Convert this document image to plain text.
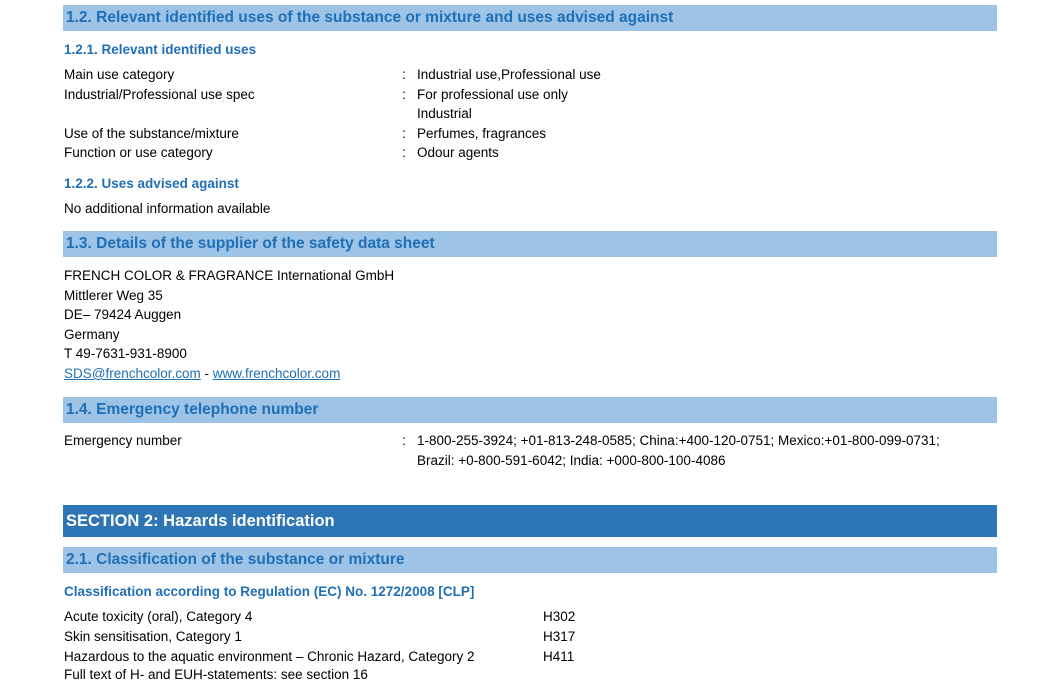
1.2. Relevant identified uses of the substance or mixture and uses advised against
1.2.1. Relevant identified uses
Main use category	: Industrial use,Professional use
Industrial/Professional use spec	: For professional use only
Industrial
Use of the substance/mixture	: Perfumes, fragrances
Function or use category	: Odour agents
1.2.2. Uses advised against
No additional information available
1.3. Details of the supplier of the safety data sheet
FRENCH COLOR & FRAGRANCE International GmbH
Mittlerer Weg 35
DE– 79424 Auggen
Germany
T 49-7631-931-8900
SDS@frenchcolor.com - www.frenchcolor.com
1.4. Emergency telephone number
Emergency number	: 1-800-255-3924; +01-813-248-0585; China:+400-120-0751; Mexico:+01-800-099-0731;
Brazil: +0-800-591-6042; India: +000-800-100-4086
SECTION 2: Hazards identification
2.1. Classification of the substance or mixture
Classification according to Regulation (EC) No. 1272/2008 [CLP]
Acute toxicity (oral), Category 4	H302
Skin sensitisation, Category 1	H317
Hazardous to the aquatic environment – Chronic Hazard, Category 2	H411
Full text of H- and EUH-statements: see section 16
